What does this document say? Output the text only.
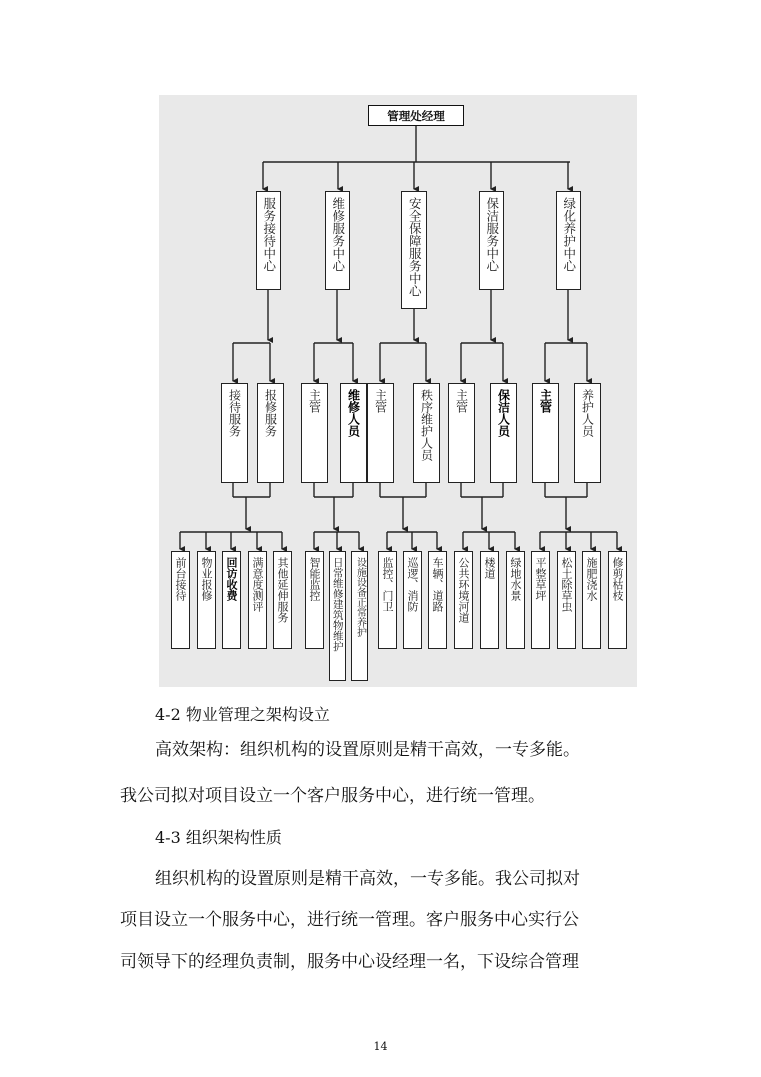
管理处经理
服务接待中心	维修服务中心	安全保障服务中心	保洁服务中心	绿化养护中心
接待服务 报修服务	主管 维修人员 主管	秩序维护人员 主管 保洁人员 主管 养护人员
前台接待 物业报修 回访收费 满意度测评 其他延伸服务 智能监控 日常维修建筑物维护 设施设备正常养护 监控、门卫 巡逻、消防 车辆、道路 公共环境河道 楼道 绿地水景 平整草坪 松土除草虫 施肥浇水 修剪枯枝
4-2 物业管理之架构设立
高效架构：组织机构的设置原则是精干高效，一专多能。
我公司拟对项目设立一个客户服务中心，进行统一管理。
4-3 组织架构性质
组织机构的设置原则是精干高效，一专多能。我公司拟对
项目设立一个服务中心，进行统一管理。客户服务中心实行公
司领导下的经理负责制，服务中心设经理一名，下设综合管理
14
